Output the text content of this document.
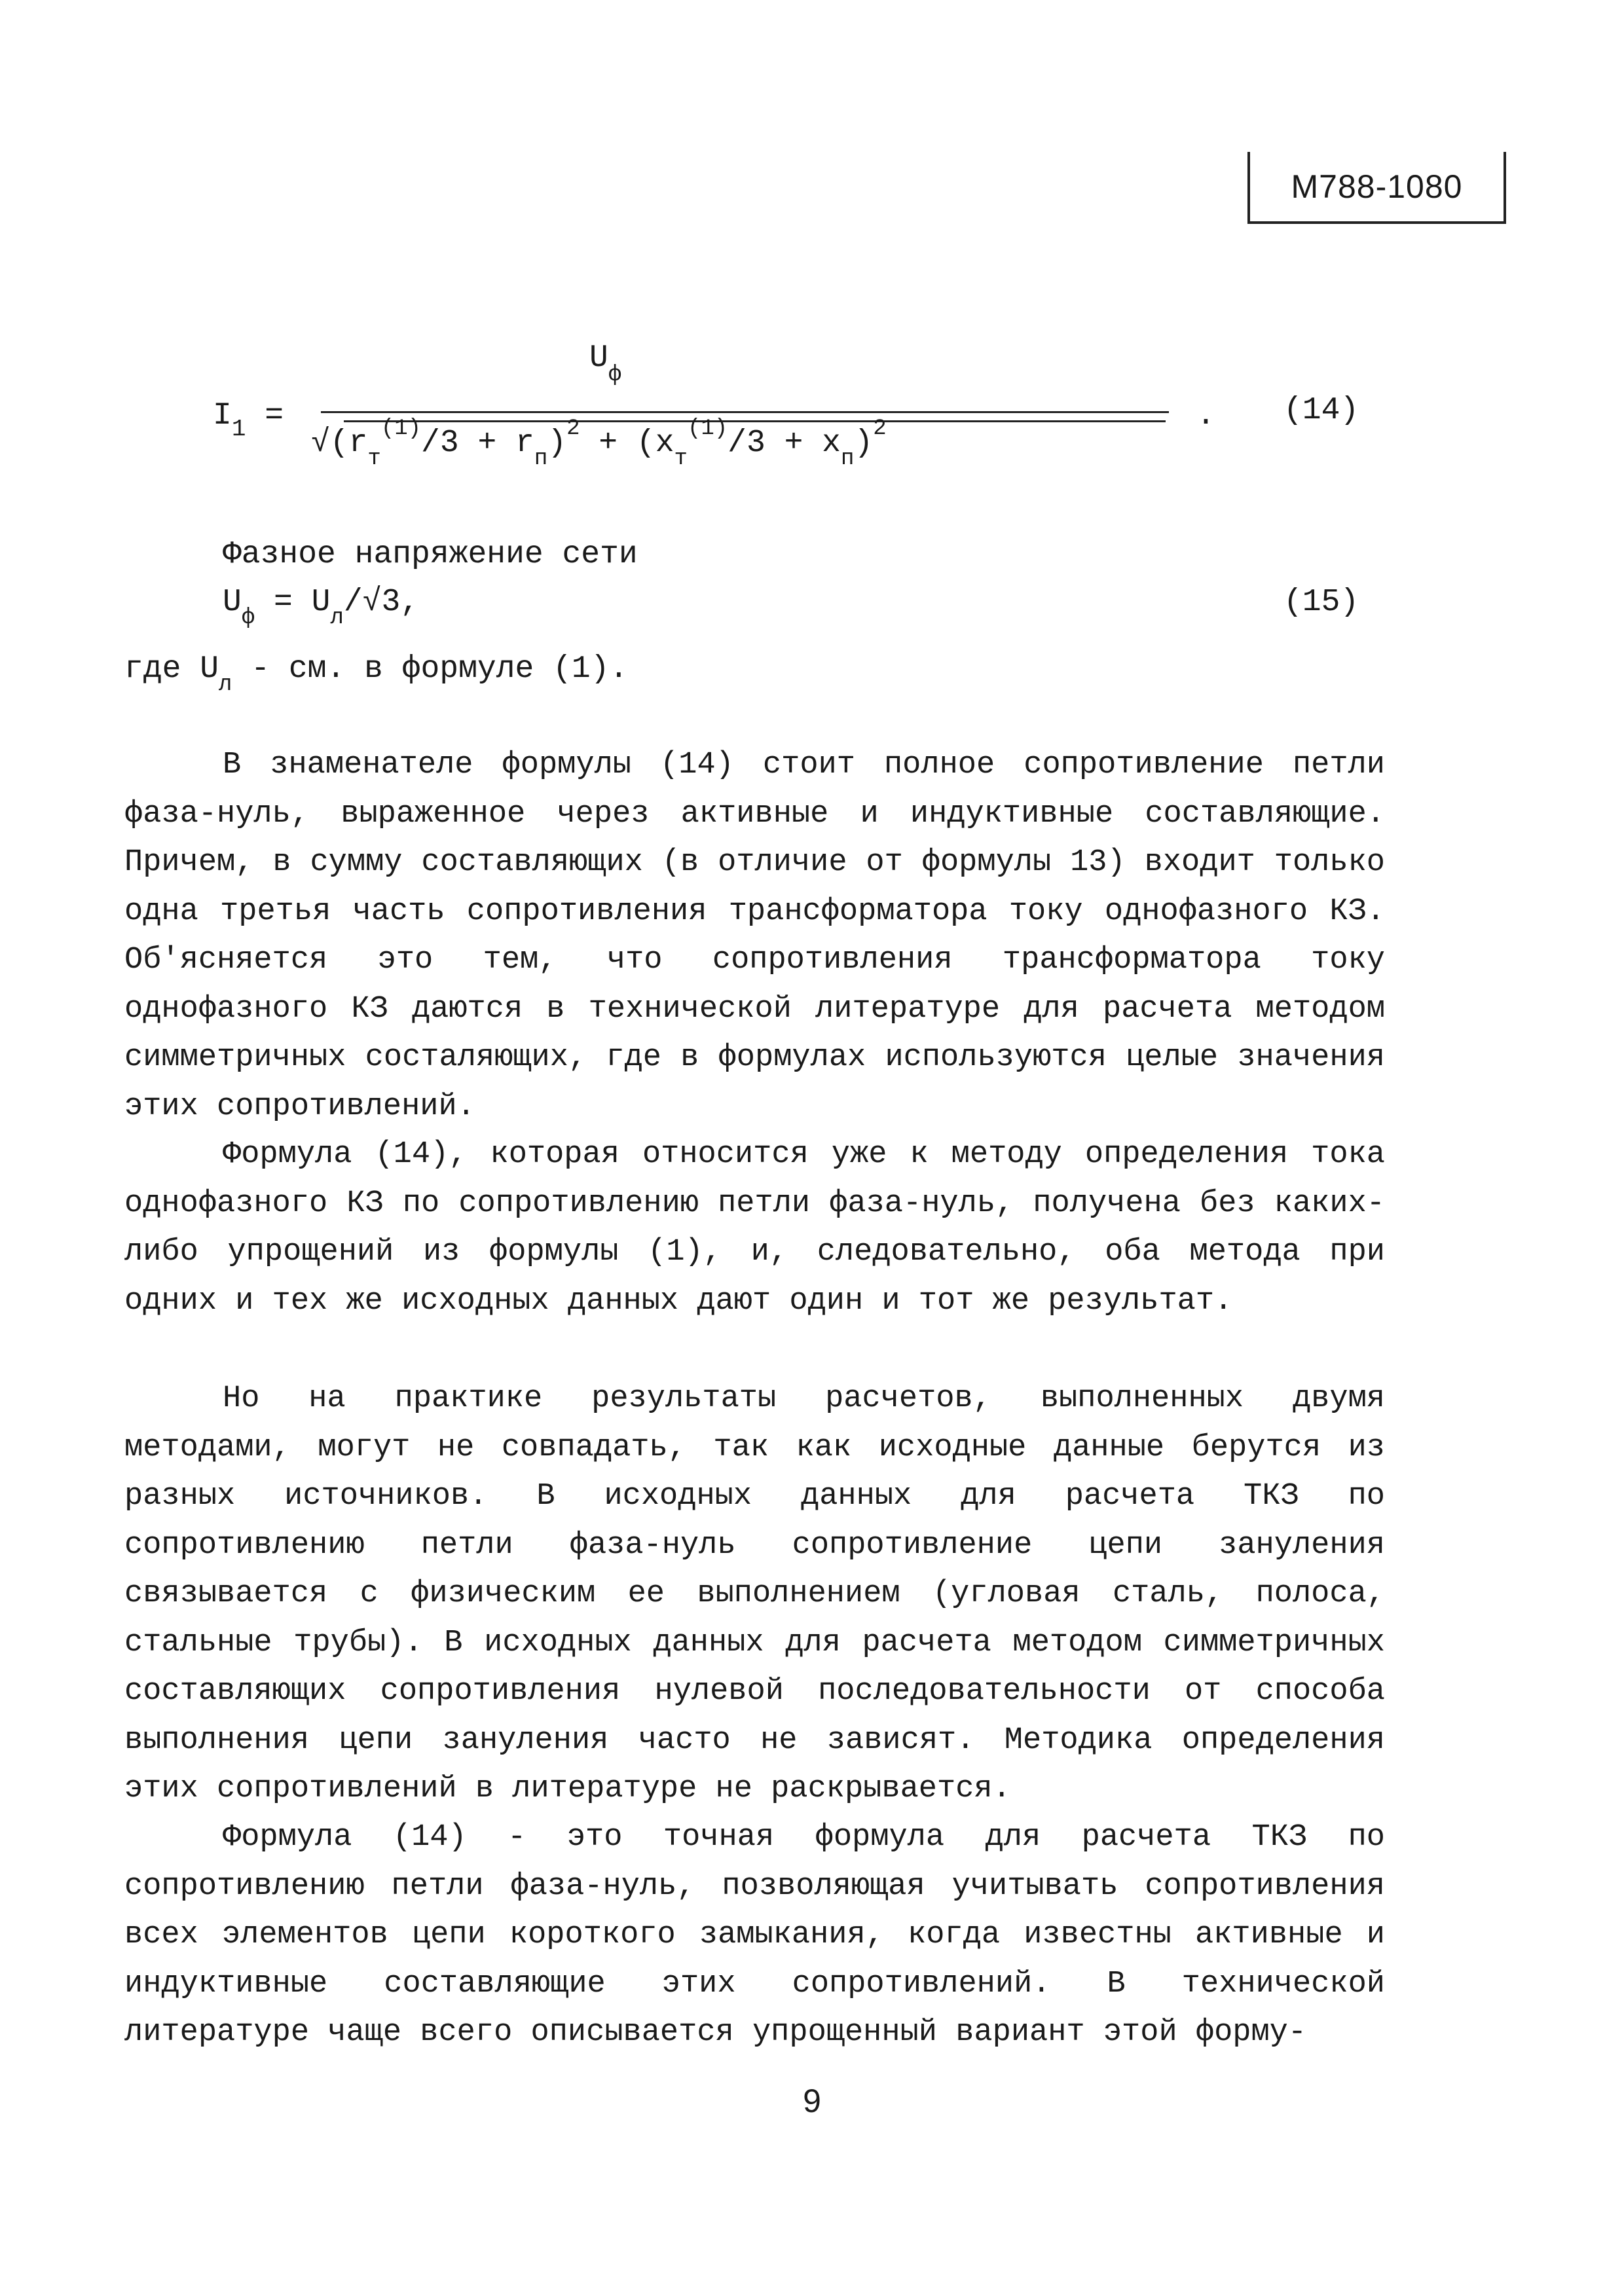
М788-1080
$I_1$ =
$U_ф$
$√(r_т^{(1)}/3 + r_п)^2 + (x_т^{(1)}/3 + x_п)^2$	. (14)
Фазное напряжение сети
$U_ф = U_л/√3$,	(15)
где $U_л$ - см. в формуле (1).

В знаменателе формулы (14) стоит полное сопротивление петли фаза-нуль, выраженное через активные и индуктивные составляющие. Причем, в сумму составляющих (в отличие от формулы 13) входит только одна третья часть сопротивления трансформатора току однофазного КЗ. Об'ясняется это тем, что сопротивления трансформатора току однофазного КЗ даются в технической литературе для расчета методом симметричных состаляющих, где в формулах используются целые значения этих сопротивлений.

Формула (14), которая относится уже к методу определения тока однофазного КЗ по сопротивлению петли фаза-нуль, получена без каких-либо упрощений из формулы (1), и, следовательно, оба метода при одних и тех же исходных данных дают один и тот же результат.

Но на практике результаты расчетов, выполненных двумя методами, могут не совпадать, так как исходные данные берутся из разных источников. В исходных данных для расчета ТКЗ по сопротивлению петли фаза-нуль сопротивление цепи зануления связывается с физическим ее выполнением (угловая сталь, полоса, стальные трубы). В исходных данных для расчета методом симметричных составляющих сопротивления нулевой последовательности от способа выполнения цепи зануления часто не зависят. Методика определения этих сопротивлений в литературе не раскрывается.

Формула (14) - это точная формула для расчета ТКЗ по сопротивлению петли фаза-нуль, позволяющая учитывать сопротивления всех элементов цепи короткого замыкания, когда известны активные и индуктивные составляющие этих сопротивлений. В технической литературе чаще всего описывается упрощенный вариант этой форму-

9
